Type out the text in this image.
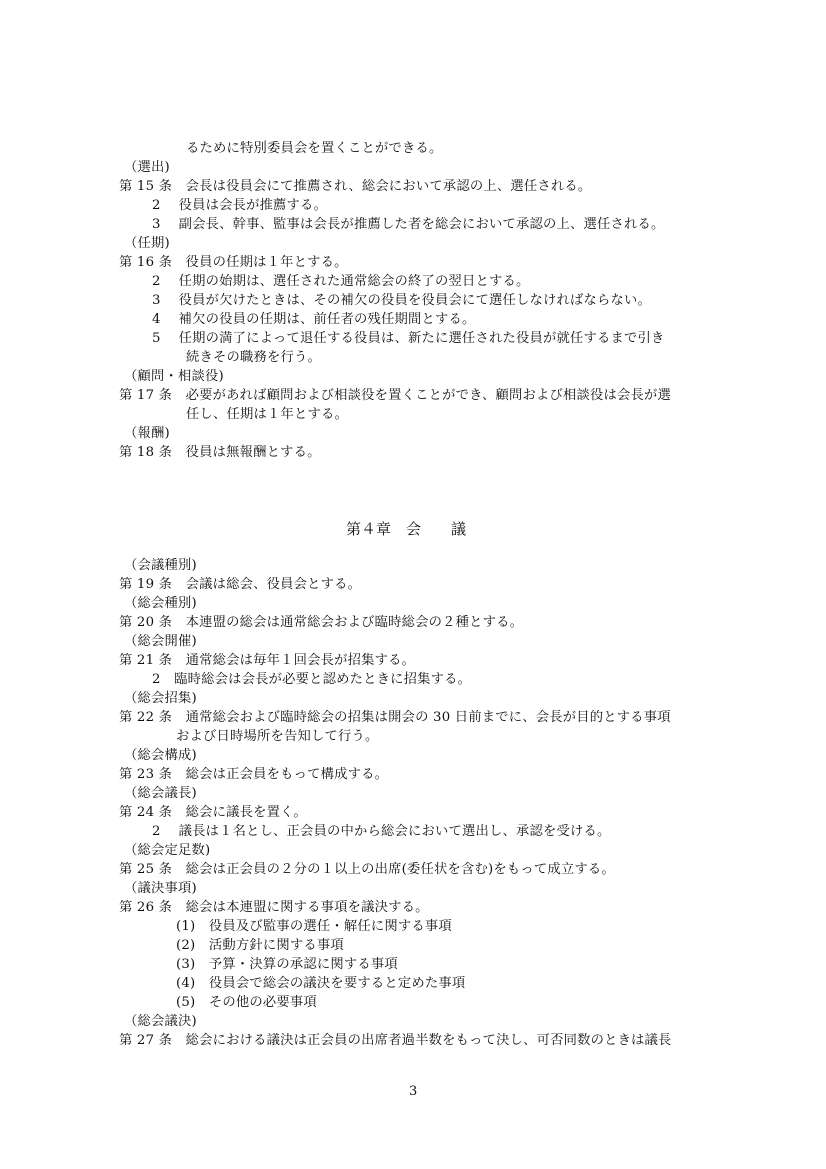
るために特別委員会を置くことができる。
（選出)
第 15 条　会長は役員会にて推薦され、総会において承認の上、選任される。
2　 役員は会長が推薦する。
3　 副会長、幹事、監事は会長が推薦した者を総会において承認の上、選任される。
（任期)
第 16 条　役員の任期は１年とする。
2　 任期の始期は、選任された通常総会の終了の翌日とする。
3　 役員が欠けたときは、その補欠の役員を役員会にて選任しなければならない。
4　 補欠の役員の任期は、前任者の残任期間とする。
5　 任期の満了によって退任する役員は、新たに選任された役員が就任するまで引き
続きその職務を行う。
（顧問・相談役)
第 17 条　必要があれば顧問および相談役を置くことができ、顧問および相談役は会長が選
任し、任期は１年とする。
（報酬)
第 18 条　役員は無報酬とする。
第４章　会　　議
（会議種別)
第 19 条　会議は総会、役員会とする。
（総会種別)
第 20 条　本連盟の総会は通常総会および臨時総会の２種とする。
（総会開催)
第 21 条　通常総会は毎年１回会長が招集する。
2　臨時総会は会長が必要と認めたときに招集する。
（総会招集)
第 22 条　通常総会および臨時総会の招集は開会の 30 日前までに、会長が目的とする事項
および日時場所を告知して行う。
（総会構成)
第 23 条　総会は正会員をもって構成する。
（総会議長)
第 24 条　総会に議長を置く。
2　 議長は１名とし、正会員の中から総会において選出し、承認を受ける。
（総会定足数)
第 25 条　総会は正会員の２分の１以上の出席(委任状を含む)をもって成立する。
（議決事項)
第 26 条　総会は本連盟に関する事項を議決する。
(1)　役員及び監事の選任・解任に関する事項
(2)　活動方針に関する事項
(3)　予算・決算の承認に関する事項
(4)　役員会で総会の議決を要すると定めた事項
(5)　その他の必要事項
（総会議決)
第 27 条　総会における議決は正会員の出席者過半数をもって決し、可否同数のときは議長
3
